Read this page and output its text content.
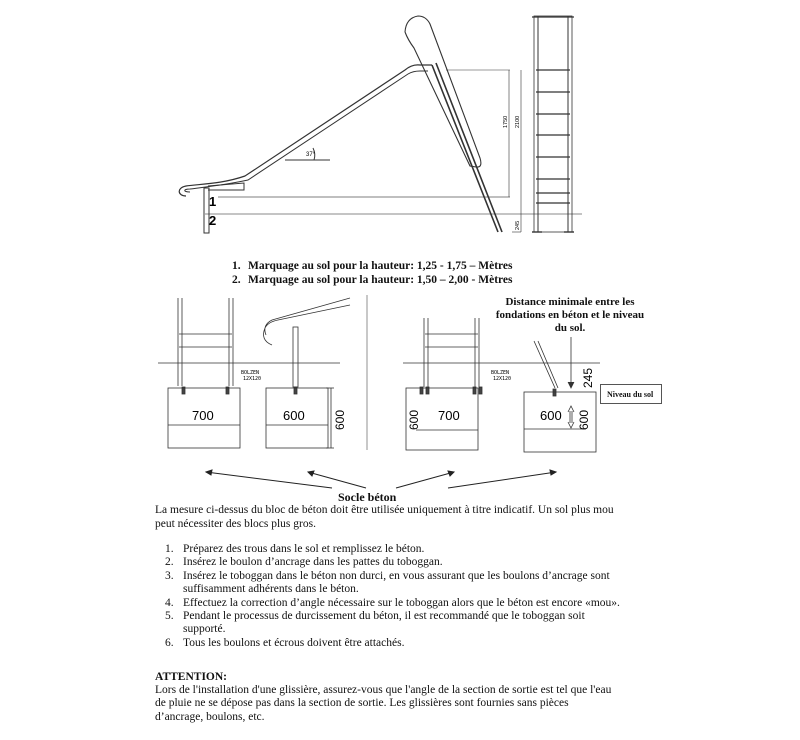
1
2
37°
1750 2100
245
BOLZEN
12X120
700	600 600
BOLZEN
12X120
600 700	600 600
245
1. Marquage au sol pour la hauteur: 1,25 - 1,75 – Mètres
2. Marquage au sol pour la hauteur: 1,50 – 2,00 - Mètres
Distance minimale entre les fondations en béton et le niveau du sol.
Niveau du sol
Socle béton
La mesure ci-dessus du bloc de béton doit être utilisée uniquement à titre indicatif. Un sol plus mou peut nécessiter des blocs plus gros.
1. Préparez des trous dans le sol et remplissez le béton.
2. Insérez le boulon d’ancrage dans les pattes du toboggan.
3. Insérez le toboggan dans le béton non durci, en vous assurant que les boulons d’ancrage sont suffisamment adhérents dans le béton.
4. Effectuez la correction d’angle nécessaire sur le toboggan alors que le béton est encore «mou».
5. Pendant le processus de durcissement du béton, il est recommandé que le toboggan soit supporté.
6. Tous les boulons et écrous doivent être attachés.
ATTENTION:
Lors de l'installation d'une glissière, assurez-vous que l'angle de la section de sortie est tel que l'eau de pluie ne se dépose pas dans la section de sortie. Les glissières sont fournies sans pièces d’ancrage, boulons, etc.
